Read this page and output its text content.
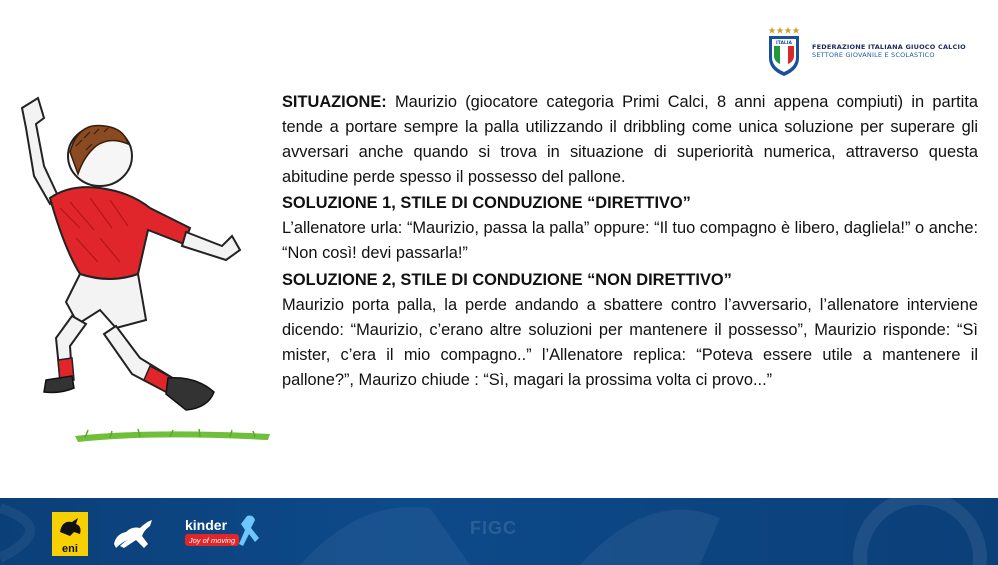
ITALIA	FEDERAZIONE ITALIANA GIUOCO CALCIO
SETTORE GIOVANILE E SCOLASTICO

SITUAZIONE: Maurizio (giocatore categoria Primi Calci, 8 anni appena compiuti) in partita tende a portare sempre la palla utilizzando il dribbling come unica soluzione per superare gli avversari anche quando si trova in situazione di superiorità numerica, attraverso questa abitudine perde spesso il possesso del pallone.

SOLUZIONE 1, STILE DI CONDUZIONE “DIRETTIVO”

L’allenatore urla: “Maurizio, passa la palla” oppure: “Il tuo compagno è libero, dagliela!” o anche: “Non così! devi passarla!”

SOLUZIONE 2, STILE DI CONDUZIONE “NON DIRETTIVO”

Maurizio porta palla, la perde andando a sbattere contro l’avversario, l’allenatore interviene dicendo: “Maurizio, c’erano altre soluzioni per mantenere il possesso”, Maurizio risponde: “Sì mister, c’era il mio compagno..” l’Allenatore replica: “Poteva essere utile a mantenere il pallone?”, Maurizo chiude : “Sì, magari la prossima volta ci provo...”

FIGC
eni
kinder
Joy of moving
